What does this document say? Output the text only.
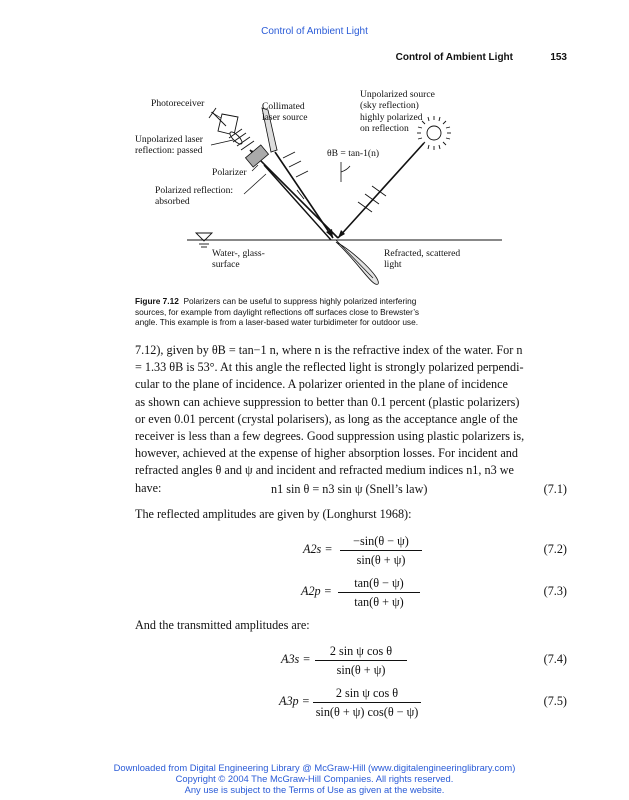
Control of Ambient Light
Control of Ambient Light	153
Photoreceiver	Collimated
laser source
Unpolarized source
(sky reflection)
highly polarized
on reflection
Unpolarized laser
reflection: passed	θB = tan-1(n)
Polarizer
Polarized reflection:
absorbed
Water-, glass-
surface
Refracted, scattered
light
Figure 7.12 Polarizers can be useful to suppress highly polarized interfering
sources, for example from daylight reflections off surfaces close to Brewster’s
angle. This example is from a laser-based water turbidimeter for outdoor use.

7.12), given by θB = tan−1 n, where n is the refractive index of the water. For n

= 1.33 θB is 53°. At this angle the reflected light is strongly polarized perpendi-

cular to the plane of incidence. A polarizer oriented in the plane of incidence

as shown can achieve suppression to better than 0.1 percent (plastic polarizers)

or even 0.01 percent (crystal polarisers), as long as the acceptance angle of the

receiver is less than a few degrees. Good suppression using plastic polarizers is,

however, achieved at the expense of higher absorption losses. For incident and

refracted angles θ and ψ and incident and refracted medium indices n1, n3 we

have:	n1 sin θ = n3 sin ψ (Snell’s law)	(7.1)
The reflected amplitudes are given by (Longhurst 1968):
$A2s = \frac{-\sin(\theta - \psi)}{\sin(\theta + \psi)}$	(7.2)
$A2p = \frac{\tan(\theta - \psi)}{\tan(\theta + \psi)}$	(7.3)
And the transmitted amplitudes are:
$A3s = \frac{\text{2 sin ψ cos θ}}{\sin(\theta + \psi)}$	(7.4)
$A3p = \frac{\text{2 sin ψ cos θ}}{\sin(\theta + \psi) \cos(\theta - \psi)}$	(7.5)
Downloaded from Digital Engineering Library @ McGraw-Hill (www.digitalengineeringlibrary.com)
Copyright © 2004 The McGraw-Hill Companies. All rights reserved.
Any use is subject to the Terms of Use as given at the website.
